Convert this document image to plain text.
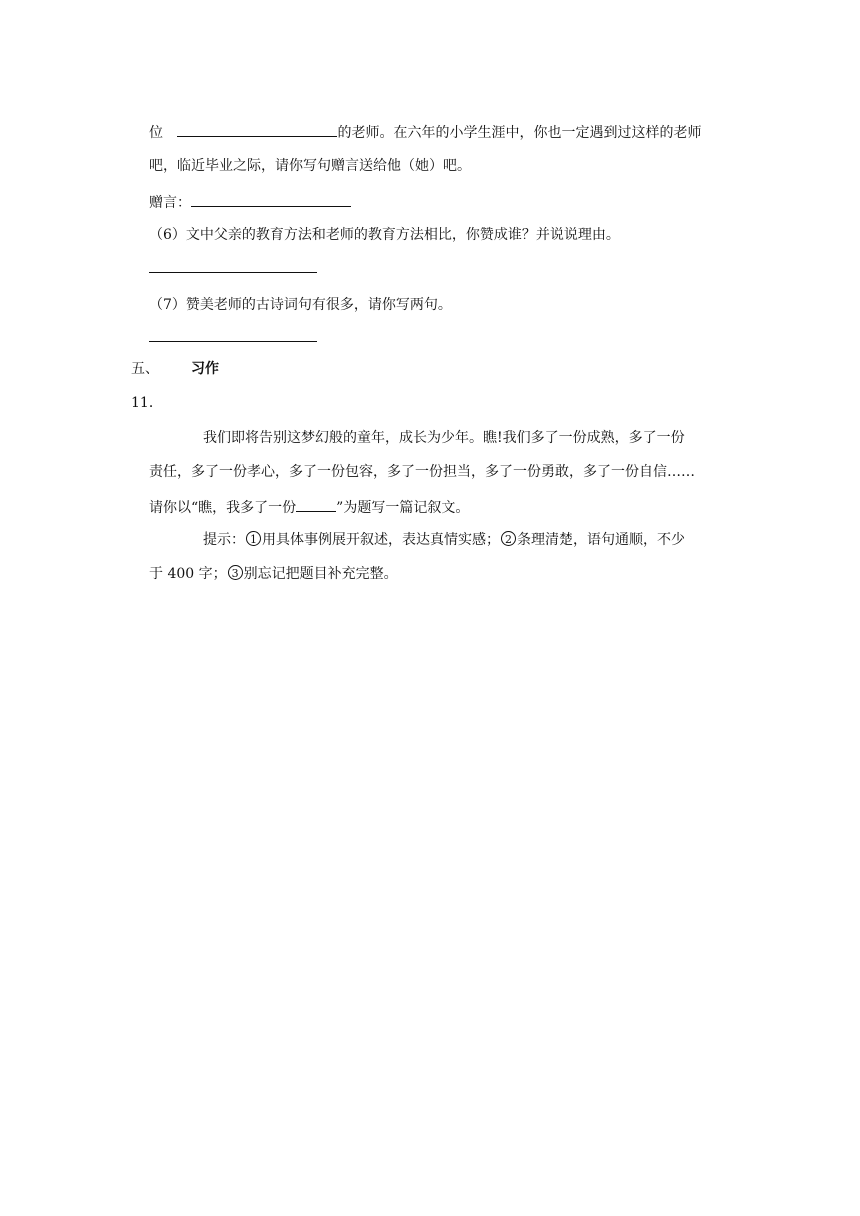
位	的老师。在六年的小学生涯中，你也一定遇到过这样的老师
吧，临近毕业之际，请你写句赠言送给他（她）吧。
赠言：
（6）文中父亲的教育方法和老师的教育方法相比，你赞成谁？并说说理由。
（7）赞美老师的古诗词句有很多，请你写两句。
五、 习作
11．
我们即将告别这梦幻般的童年，成长为少年。瞧!我们多了一份成熟，多了一份
责任，多了一份孝心，多了一份包容，多了一份担当，多了一份勇敢，多了一份自信……
请你以“瞧，我多了一份	”为题写一篇记叙文。
提示： 1 用具体事例展开叙述，表达真情实感； 2 条理清楚，语句通顺，不少
于 400 字； 3 别忘记把题目补充完整。
